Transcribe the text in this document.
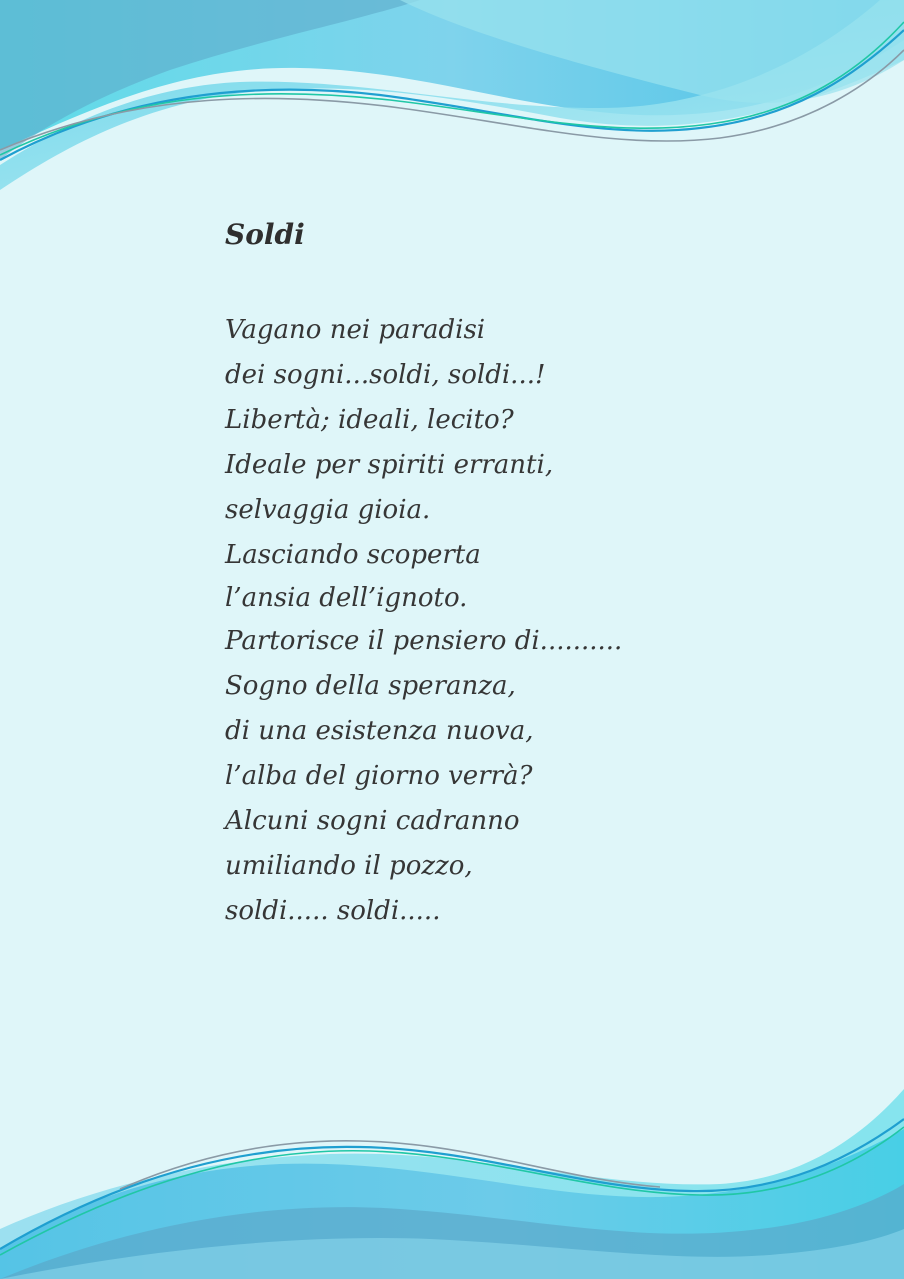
Soldi
Vagano nei paradisi
dei sogni...soldi, soldi...!
Libertà; ideali, lecito?
Ideale per spiriti erranti,
selvaggia gioia.
Lasciando scoperta
l’ansia dell’ignoto.
Partorisce il pensiero di..........
Sogno della speranza,
di una esistenza nuova,
l’alba del giorno verrà?
Alcuni sogni cadranno
umiliando il pozzo,
soldi..... soldi.....
